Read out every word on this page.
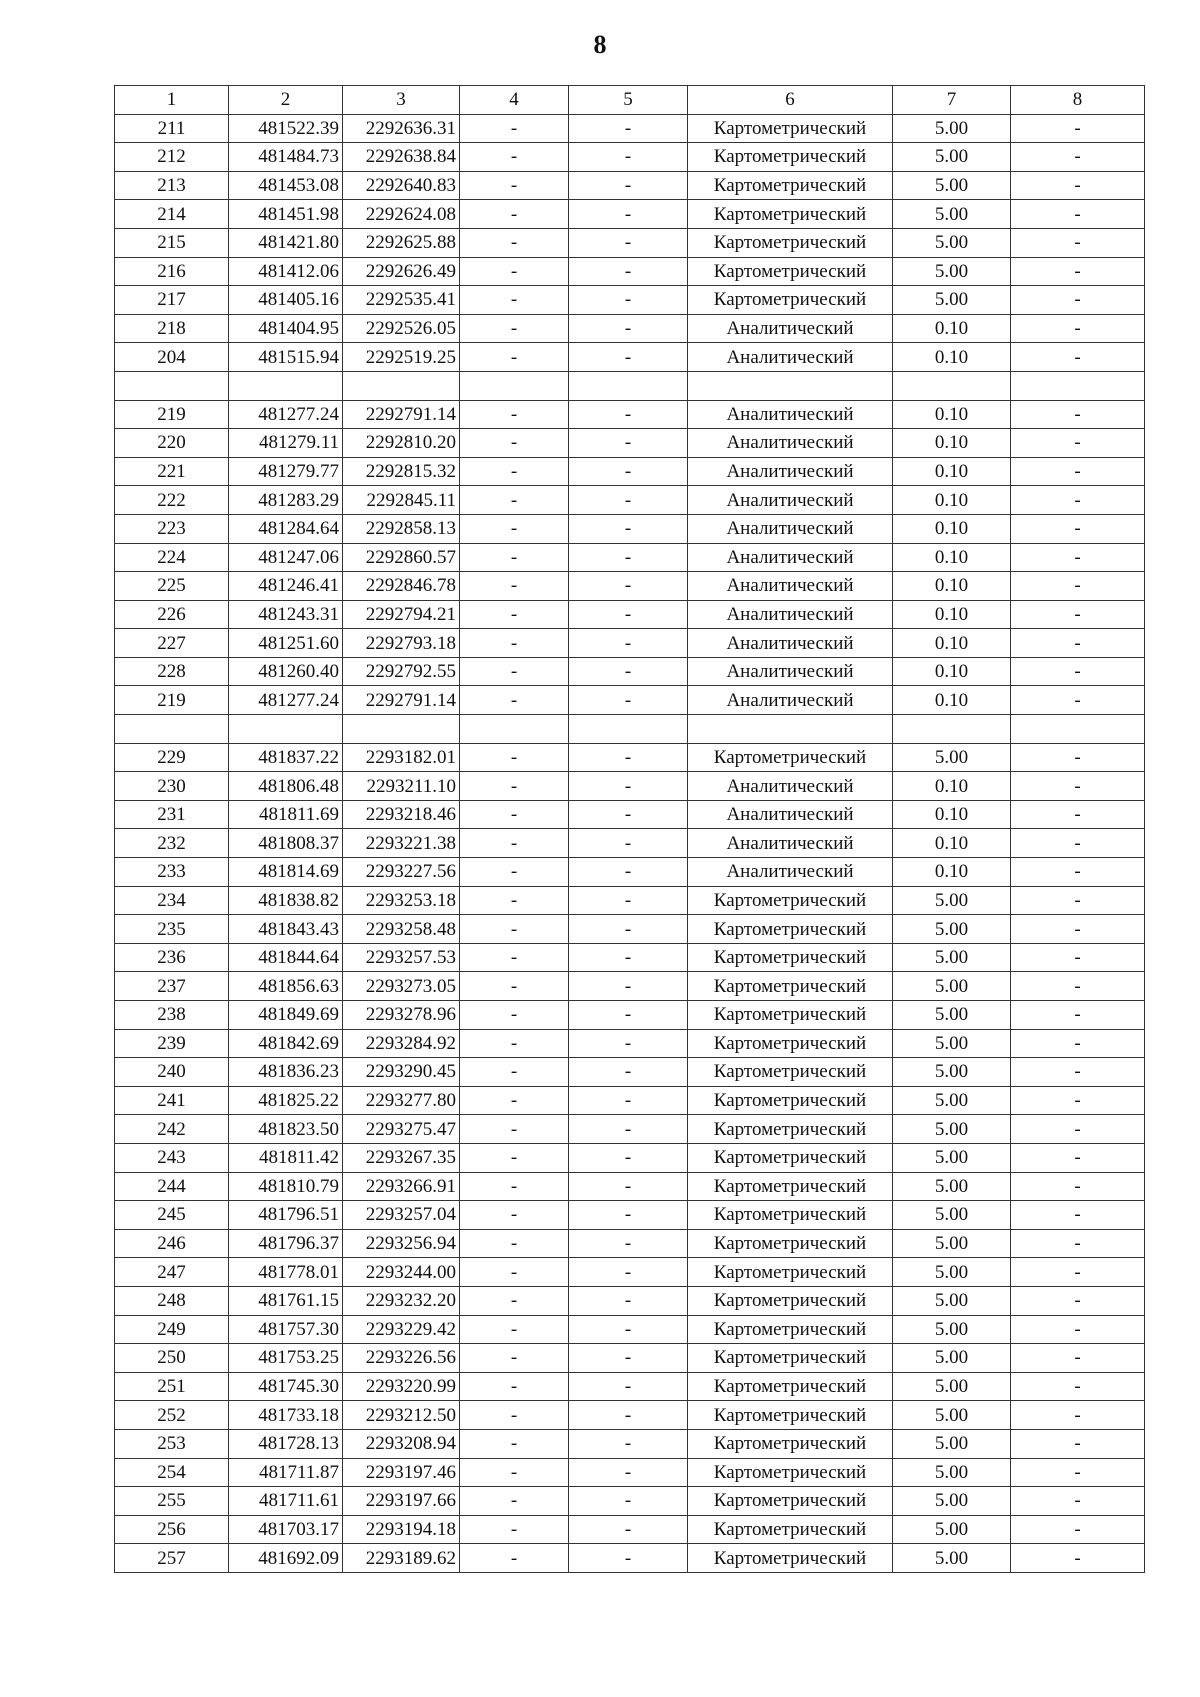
8
1	2	3	4	5	6	7	8
211	481522.39	2292636.31	-	-	Картометрический	5.00	-
212	481484.73	2292638.84	-	-	Картометрический	5.00	-
213	481453.08	2292640.83	-	-	Картометрический	5.00	-
214	481451.98	2292624.08	-	-	Картометрический	5.00	-
215	481421.80	2292625.88	-	-	Картометрический	5.00	-
216	481412.06	2292626.49	-	-	Картометрический	5.00	-
217	481405.16	2292535.41	-	-	Картометрический	5.00	-
218	481404.95	2292526.05	-	-	Аналитический	0.10	-
204	481515.94	2292519.25	-	-	Аналитический	0.10	-

219	481277.24	2292791.14	-	-	Аналитический	0.10	-
220	481279.11	2292810.20	-	-	Аналитический	0.10	-
221	481279.77	2292815.32	-	-	Аналитический	0.10	-
222	481283.29	2292845.11	-	-	Аналитический	0.10	-
223	481284.64	2292858.13	-	-	Аналитический	0.10	-
224	481247.06	2292860.57	-	-	Аналитический	0.10	-
225	481246.41	2292846.78	-	-	Аналитический	0.10	-
226	481243.31	2292794.21	-	-	Аналитический	0.10	-
227	481251.60	2292793.18	-	-	Аналитический	0.10	-
228	481260.40	2292792.55	-	-	Аналитический	0.10	-
219	481277.24	2292791.14	-	-	Аналитический	0.10	-

229	481837.22	2293182.01	-	-	Картометрический	5.00	-
230	481806.48	2293211.10	-	-	Аналитический	0.10	-
231	481811.69	2293218.46	-	-	Аналитический	0.10	-
232	481808.37	2293221.38	-	-	Аналитический	0.10	-
233	481814.69	2293227.56	-	-	Аналитический	0.10	-
234	481838.82	2293253.18	-	-	Картометрический	5.00	-
235	481843.43	2293258.48	-	-	Картометрический	5.00	-
236	481844.64	2293257.53	-	-	Картометрический	5.00	-
237	481856.63	2293273.05	-	-	Картометрический	5.00	-
238	481849.69	2293278.96	-	-	Картометрический	5.00	-
239	481842.69	2293284.92	-	-	Картометрический	5.00	-
240	481836.23	2293290.45	-	-	Картометрический	5.00	-
241	481825.22	2293277.80	-	-	Картометрический	5.00	-
242	481823.50	2293275.47	-	-	Картометрический	5.00	-
243	481811.42	2293267.35	-	-	Картометрический	5.00	-
244	481810.79	2293266.91	-	-	Картометрический	5.00	-
245	481796.51	2293257.04	-	-	Картометрический	5.00	-
246	481796.37	2293256.94	-	-	Картометрический	5.00	-
247	481778.01	2293244.00	-	-	Картометрический	5.00	-
248	481761.15	2293232.20	-	-	Картометрический	5.00	-
249	481757.30	2293229.42	-	-	Картометрический	5.00	-
250	481753.25	2293226.56	-	-	Картометрический	5.00	-
251	481745.30	2293220.99	-	-	Картометрический	5.00	-
252	481733.18	2293212.50	-	-	Картометрический	5.00	-
253	481728.13	2293208.94	-	-	Картометрический	5.00	-
254	481711.87	2293197.46	-	-	Картометрический	5.00	-
255	481711.61	2293197.66	-	-	Картометрический	5.00	-
256	481703.17	2293194.18	-	-	Картометрический	5.00	-
257	481692.09	2293189.62	-	-	Картометрический	5.00	-
